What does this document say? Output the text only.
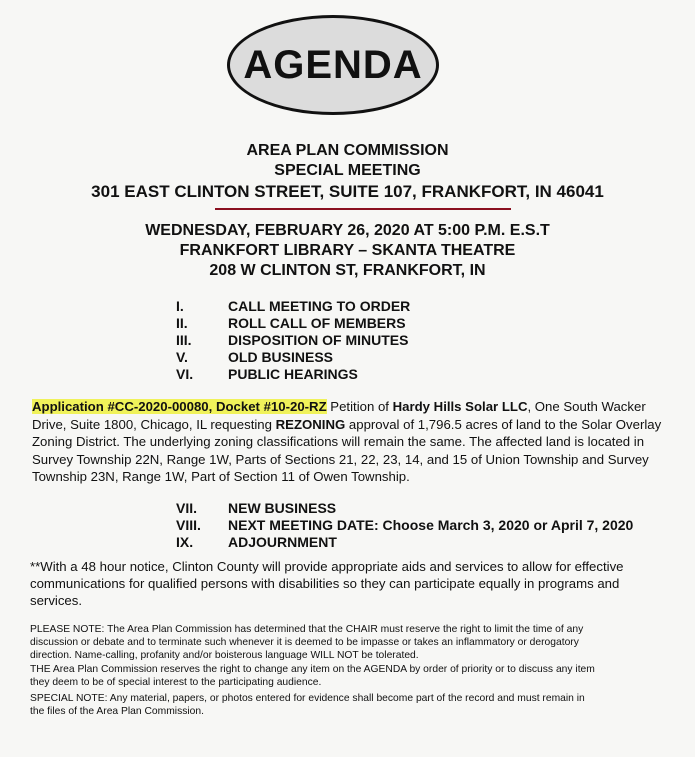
AGENDA
AREA PLAN COMMISSION
SPECIAL MEETING
301 EAST CLINTON STREET, SUITE 107, FRANKFORT, IN 46041
WEDNESDAY, FEBRUARY 26, 2020 AT 5:00 P.M. E.S.T
FRANKFORT LIBRARY – SKANTA THEATRE
208 W CLINTON ST, FRANKFORT, IN
I.	CALL MEETING TO ORDER
II.	ROLL CALL OF MEMBERS
III.	DISPOSITION OF MINUTES
V.	OLD BUSINESS
VI.	PUBLIC HEARINGS
Application #CC-2020-00080, Docket #10-20-RZ Petition of Hardy Hills Solar LLC, One South Wacker Drive, Suite 1800, Chicago, IL requesting REZONING approval of 1,796.5 acres of land to the Solar Overlay Zoning District. The underlying zoning classifications will remain the same. The affected land is located in Survey Township 22N, Range 1W, Parts of Sections 21, 22, 23, 14, and 15 of Union Township and Survey Township 23N, Range 1W, Part of Section 11 of Owen Township.
VII.	NEW BUSINESS
VIII.	NEXT MEETING DATE: Choose March 3, 2020 or April 7, 2020
IX.	ADJOURNMENT
**With a 48 hour notice, Clinton County will provide appropriate aids and services to allow for effective communications for qualified persons with disabilities so they can participate equally in programs and services.
PLEASE NOTE: The Area Plan Commission has determined that the CHAIR must reserve the right to limit the time of any
discussion or debate and to terminate such whenever it is deemed to be impasse or takes an inflammatory or derogatory
direction. Name-calling, profanity and/or boisterous language WILL NOT be tolerated.
THE Area Plan Commission reserves the right to change any item on the AGENDA by order of priority or to discuss any item
they deem to be of special interest to the participating audience.
SPECIAL NOTE: Any material, papers, or photos entered for evidence shall become part of the record and must remain in
the files of the Area Plan Commission.
